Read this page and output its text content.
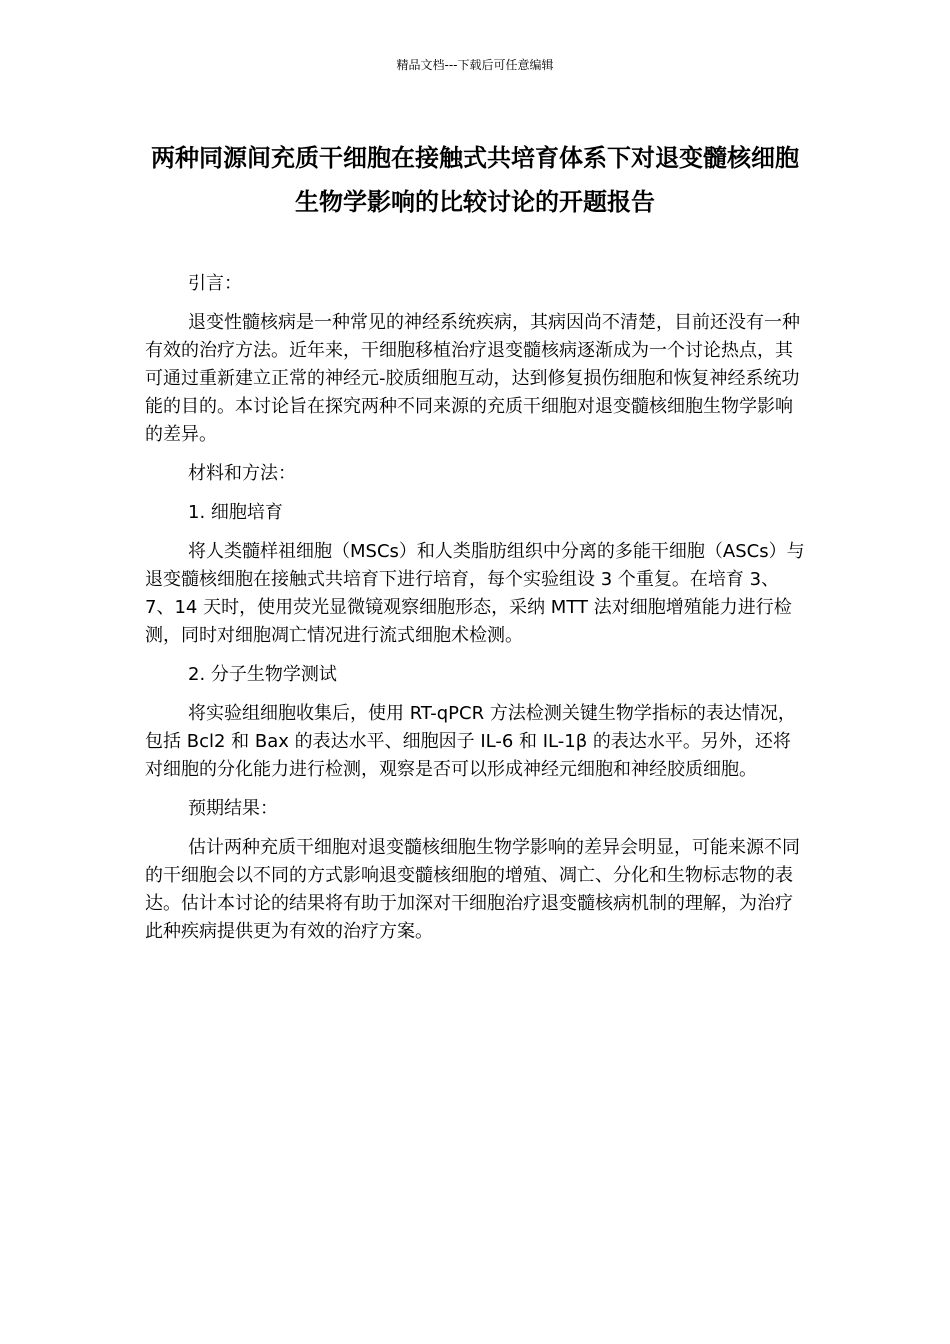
精品文档---下载后可任意编辑
两种同源间充质干细胞在接触式共培育体系下对退变髓核细胞生物学影响的比较讨论的开题报告

引言：

退变性髓核病是一种常见的神经系统疾病，其病因尚不清楚，目前还没有一种有效的治疗方法。近年来，干细胞移植治疗退变髓核病逐渐成为一个讨论热点，其可通过重新建立正常的神经元-胶质细胞互动，达到修复损伤细胞和恢复神经系统功能的目的。本讨论旨在探究两种不同来源的充质干细胞对退变髓核细胞生物学影响的差异。

材料和方法：

1. 细胞培育

将人类髓样祖细胞（MSCs）和人类脂肪组织中分离的多能干细胞（ASCs）与退变髓核细胞在接触式共培育下进行培育，每个实验组设 3 个重复。在培育 3、7、14 天时，使用荧光显微镜观察细胞形态，采纳 MTT 法对细胞增殖能力进行检测，同时对细胞凋亡情况进行流式细胞术检测。

2. 分子生物学测试

将实验组细胞收集后，使用 RT-qPCR 方法检测关键生物学指标的表达情况，包括 Bcl2 和 Bax 的表达水平、细胞因子 IL-6 和 IL-1β 的表达水平。另外，还将对细胞的分化能力进行检测，观察是否可以形成神经元细胞和神经胶质细胞。

预期结果：

估计两种充质干细胞对退变髓核细胞生物学影响的差异会明显，可能来源不同的干细胞会以不同的方式影响退变髓核细胞的增殖、凋亡、分化和生物标志物的表达。估计本讨论的结果将有助于加深对干细胞治疗退变髓核病机制的理解，为治疗此种疾病提供更为有效的治疗方案。
